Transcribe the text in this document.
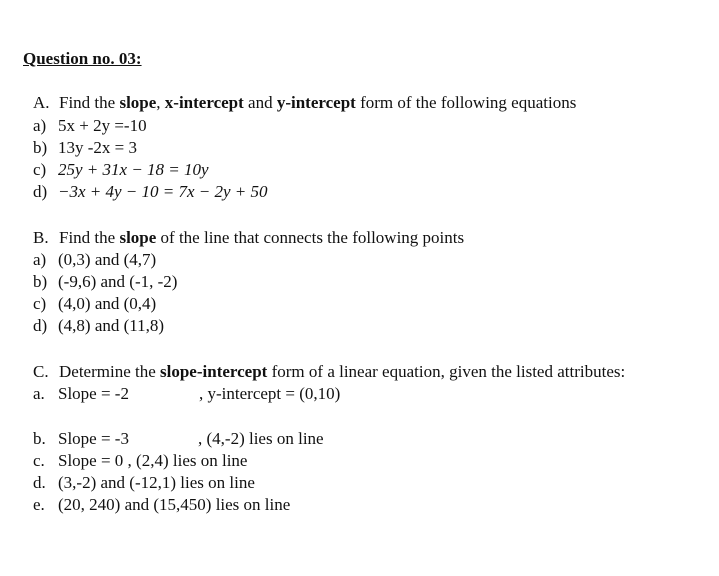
Question no. 03:
A. Find the slope, x-intercept and y-intercept form of the following equations
a) 5x + 2y =-10
b) 13y -2x = 3
c) 25y + 31x − 18 = 10y
d) −3x + 4y − 10 = 7x − 2y + 50
B. Find the slope of the line that connects the following points
a) (0,3) and (4,7)
b) (-9,6) and (-1, -2)
c) (4,0) and (0,4)
d) (4,8) and (11,8)
C. Determine the slope-intercept form of a linear equation, given the listed attributes:
a. Slope = -2	, y-intercept = (0,10)
b. Slope = -3	, (4,-2) lies on line
c. Slope = 0 , (2,4) lies on line
d. (3,-2) and (-12,1) lies on line
e. (20, 240) and (15,450) lies on line
